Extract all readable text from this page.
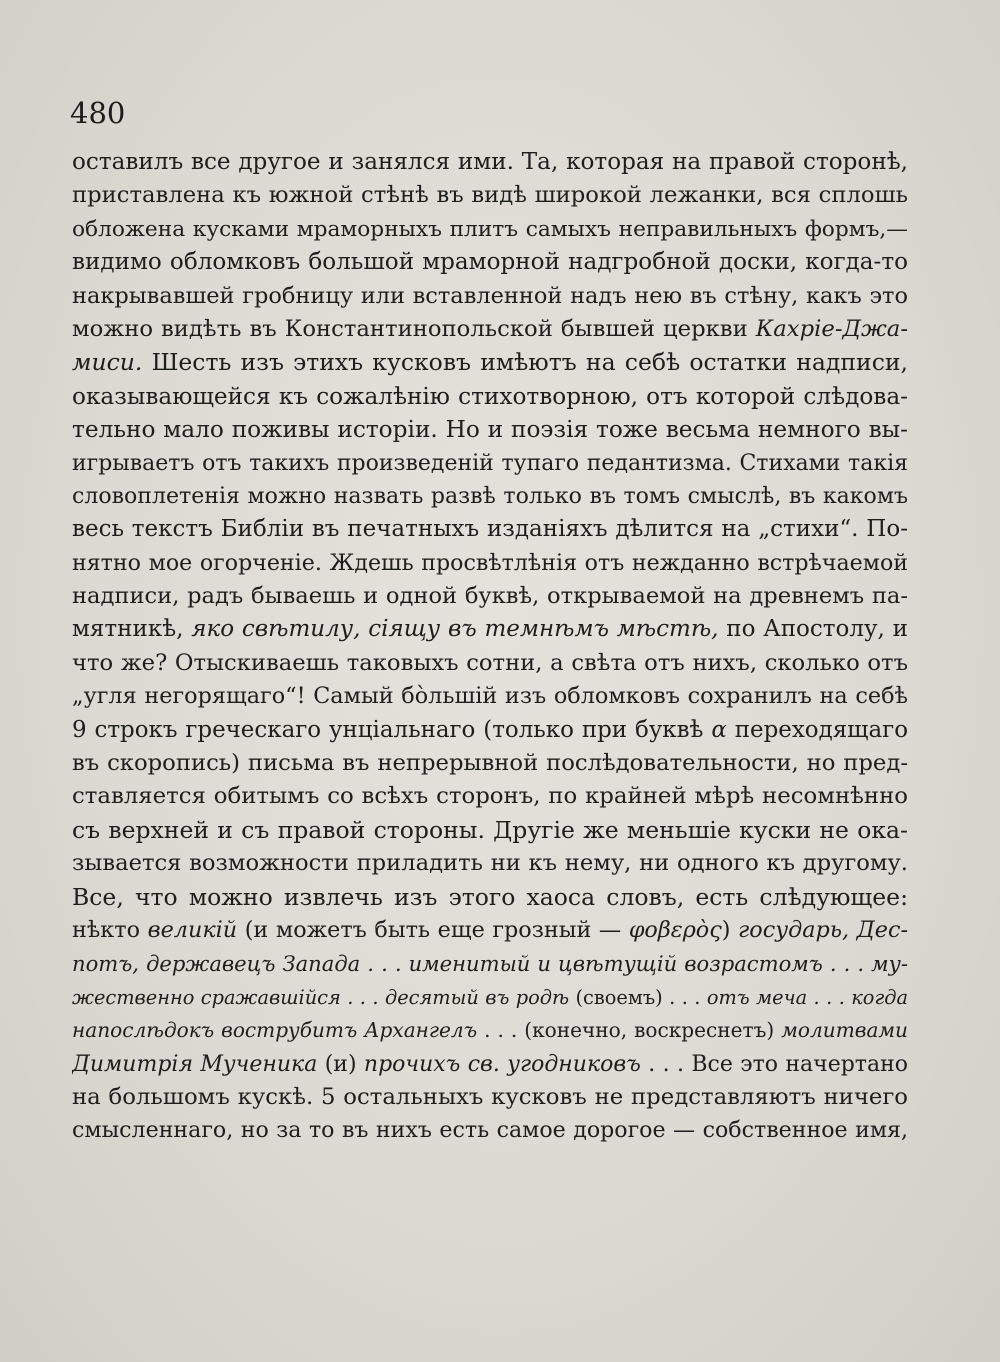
480
оставилъ все другое и занялся ими. Та, которая на правой сторонѣ,
приставлена къ южной стѣнѣ въ видѣ широкой лежанки, вся сплошь
обложена кусками мраморныхъ плитъ самыхъ неправильныхъ формъ,—
видимо обломковъ большой мраморной надгробной доски, когда-то
накрывавшей гробницу или вставленной надъ нею въ стѣну, какъ это
можно видѣть въ Константинопольской бывшей церкви Кахріе-Джа-
миси. Шесть изъ этихъ кусковъ имѣютъ на себѣ остатки надписи,
оказывающейся къ сожалѣнію стихотворною, отъ которой слѣдова-
тельно мало поживы исторіи. Но и поэзія тоже весьма немного вы-
игрываетъ отъ такихъ произведеній тупаго педантизма. Стихами такія
словоплетенія можно назвать развѣ только въ томъ смыслѣ, въ какомъ
весь текстъ Библіи въ печатныхъ изданіяхъ дѣлится на „стихи“. По-
нятно мое огорченіе. Ждешь просвѣтлѣнія отъ нежданно встрѣчаемой
надписи, радъ бываешь и одной буквѣ, открываемой на древнемъ па-
мятникѣ, яко свѣтилу, сіящу въ темнѣмъ мѣстѣ, по Апостолу, и
что же? Отыскиваешь таковыхъ сотни, а свѣта отъ нихъ, сколько отъ
„угля негорящаго“! Самый бо̀льшій изъ обломковъ сохранилъ на себѣ
9 строкъ греческаго унціальнаго (только при буквѣ α переходящаго
въ скоропись) письма въ непрерывной послѣдовательности, но пред-
ставляется обитымъ со всѣхъ сторонъ, по крайней мѣрѣ несомнѣнно
съ верхней и съ правой стороны. Другіе же меньшіе куски не ока-
зывается возможности приладить ни къ нему, ни одного къ другому.
Все, что можно извлечь изъ этого хаоса словъ, есть слѣдующее:
нѣкто великій (и можетъ быть еще грозный — φοβερὸς) государь, Дес-
потъ, державецъ Запада . . . именитый и цвѣтущій возрастомъ . . . му-
жественно сражавшійся . . . десятый въ родѣ (своемъ) . . . отъ меча . . . когда
напослѣдокъ вострубитъ Архангелъ . . . (конечно, воскреснетъ) молитвами
Димитрія Мученика (и) прочихъ св. угодниковъ . . . Все это начертано
на большомъ кускѣ. 5 остальныхъ кусковъ не представляютъ ничего
смысленнаго, но за то въ нихъ есть самое дорогое — собственное имя,
